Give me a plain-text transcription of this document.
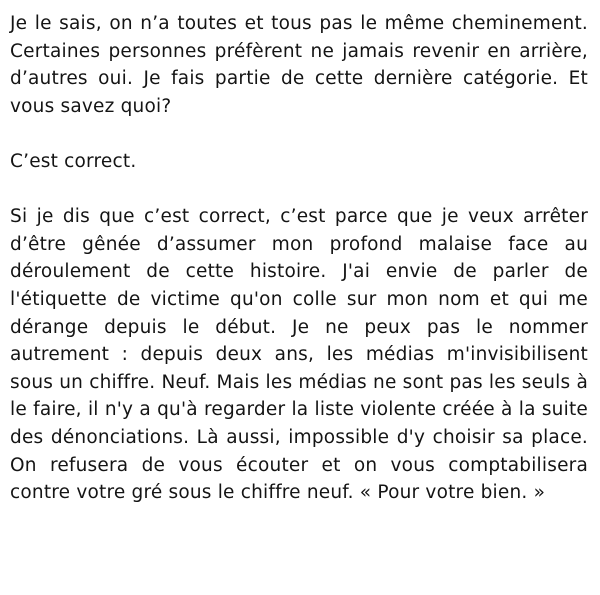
Je le sais, on n’a toutes et tous pas le même cheminement. Certaines personnes préfèrent ne jamais revenir en arrière, d’autres oui. Je fais partie de cette dernière catégorie. Et vous savez quoi?

C’est correct.

Si je dis que c’est correct, c’est parce que je veux arrêter d’être gênée d’assumer mon profond malaise face au déroulement de cette histoire. J'ai envie de parler de l'étiquette de victime qu'on colle sur mon nom et qui me dérange depuis le début. Je ne peux pas le nommer autrement : depuis deux ans, les médias m'invisibilisent sous un chiffre. Neuf. Mais les médias ne sont pas les seuls à le faire, il n'y a qu'à regarder la liste violente créée à la suite des dénonciations. Là aussi, impossible d'y choisir sa place. On refusera de vous écouter et on vous comptabilisera contre votre gré sous le chiffre neuf. « Pour votre bien. »
